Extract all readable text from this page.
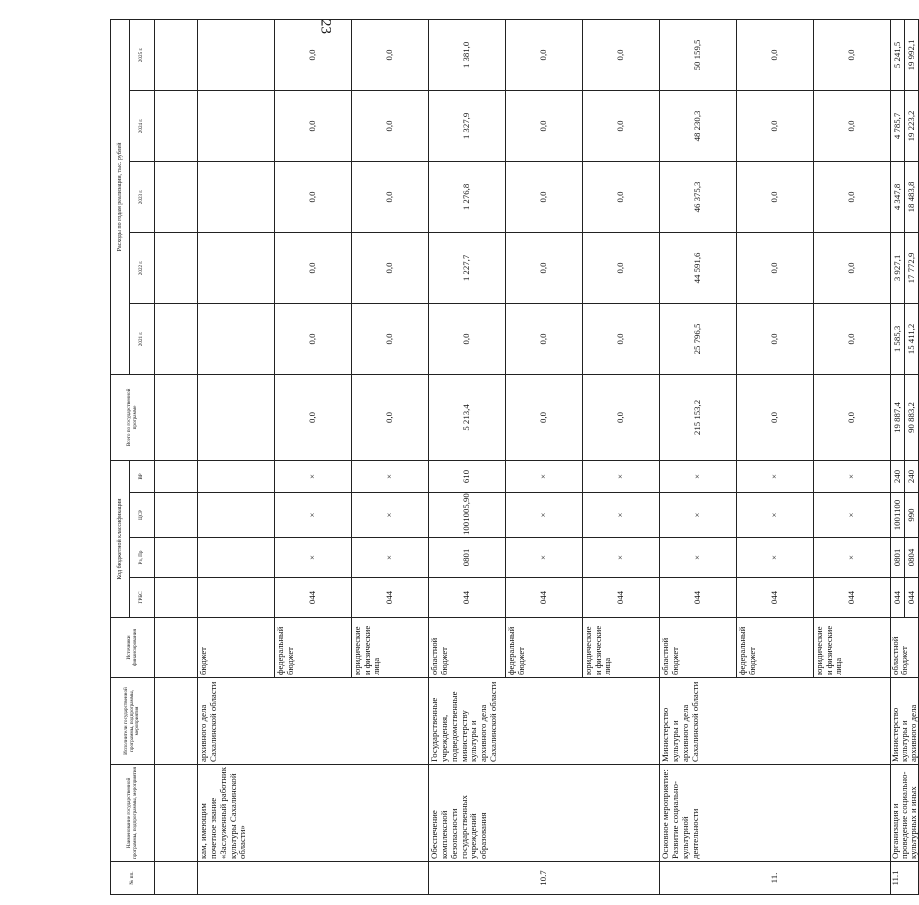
23
№ пп.	Наименование государственной программы, подпрограммы, мероприятия	Исполнители государственной программы, подпрограммы, мероприятия	Источники финансирования	Код бюджетной классификации				Всего по государственной программе	Расходы по годам реализации, тыс. рублей				
				ГРБС	Рз, Пр	ЦСР	ВР		2021 г.	2022 г.	2023 г.	2024 г.	2025 г.

	кам, имеющим почетное звание «Заслуженный работник культуры Сахалинской области»	архивного дела Сахалинской области	бюджет										
			федеральный бюджет	044	×	×	×	0,0	0,0	0,0	0,0	0,0	0,0
			юридические и физические лица	044	×	×	×	0,0	0,0	0,0	0,0	0,0	0,0
10.7	Обеспечение комплексной безопасности государственных учреждений образования	Государственные учреждения, подведомственные министерству культуры и архивного дела Сахалинской области	областной бюджет	044	0801	1001005,90	610	5 213,4	0,0	1 227,7	1 276,8	1 327,9	1 381,0
			федеральный бюджет	044	×	×	×	0,0	0,0	0,0	0,0	0,0	0,0
			юридические и физические лица	044	×	×	×	0,0	0,0	0,0	0,0	0,0	0,0
11.	Основное мероприятие: Развитие социально-культурной деятельности	Министерство культуры и архивного дела Сахалинской области	областной бюджет	044	×	×	×	215 153,2	25 796,5	44 591,6	46 375,3	48 230,3	50 159,5
			федеральный бюджет	044	×	×	×	0,0	0,0	0,0	0,0	0,0	0,0
			юридические и физические лица	044	×	×	×	0,0	0,0	0,0	0,0	0,0	0,0
11.1	Организация и проведение социально-культурных и иных	Министерство культуры и архивного дела	областной бюджет	044	0801	1001100	240	19 887,4	1 585,3	3 927,1	4 347,8	4 785,7	5 241,5
				044	0804	990	240	90 883,2	15 411,2	17 772,9	18 483,8	19 223,2	19 992,1
